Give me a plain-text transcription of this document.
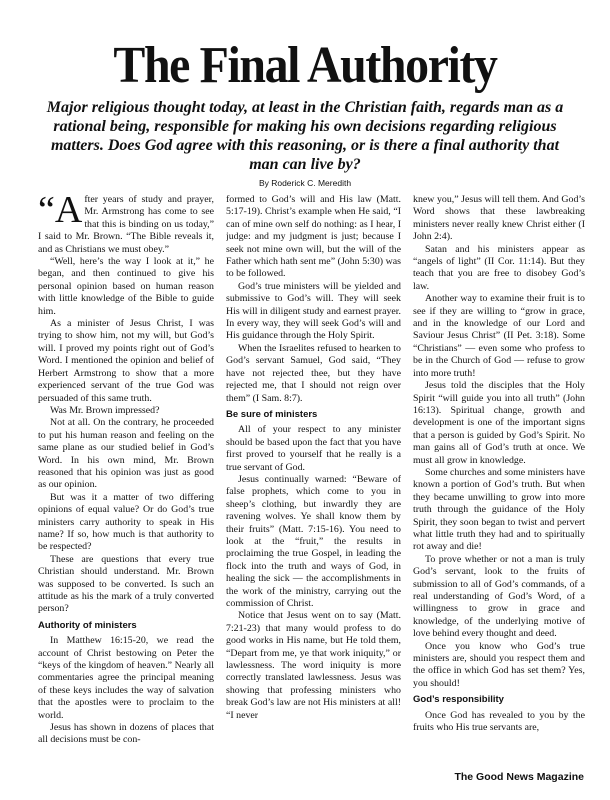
The Final Authority
Major religious thought today, at least in the Christian faith, regards man as a rational being, responsible for making his own decisions regarding religious matters. Does God agree with this reasoning, or is there a final authority that man can live by?
By Roderick C. Meredith

“After years of study and prayer, Mr. Armstrong has come to see that this is binding on us today,” I said to Mr. Brown. “The Bible reveals it, and as Christians we must obey.”

“Well, here’s the way I look at it,” he began, and then continued to give his personal opinion based on human reason with little knowledge of the Bible to guide him.

As a minister of Jesus Christ, I was trying to show him, not my will, but God’s will. I proved my points right out of God’s Word. I mentioned the opinion and belief of Herbert Armstrong to show that a more experienced servant of the true God was persuaded of this same truth.

Was Mr. Brown impressed?

Not at all. On the contrary, he proceeded to put his human reason and feeling on the same plane as our studied belief in God’s Word. In his own mind, Mr. Brown reasoned that his opinion was just as good as our opinion.

But was it a matter of two differing opinions of equal value? Or do God’s true ministers carry authority to speak in His name? If so, how much is that authority to be respected?

These are questions that every true Christian should understand. Mr. Brown was supposed to be converted. Is such an attitude as his the mark of a truly converted person?

Authority of ministers

In Matthew 16:15-20, we read the account of Christ bestowing on Peter the “keys of the kingdom of heaven.” Nearly all commentaries agree the principal meaning of these keys includes the way of salvation that the apostles were to proclaim to the world.

Jesus has shown in dozens of places that all decisions must be con-

formed to God’s will and His law (Matt. 5:17-19). Christ’s example when He said, “I can of mine own self do nothing: as I hear, I judge: and my judgment is just; because I seek not mine own will, but the will of the Father which hath sent me” (John 5:30) was to be followed.

God’s true ministers will be yielded and submissive to God’s will. They will seek His will in diligent study and earnest prayer. In every way, they will seek God’s will and His guidance through the Holy Spirit.

When the Israelites refused to hearken to God’s servant Samuel, God said, “They have not rejected thee, but they have rejected me, that I should not reign over them” (I Sam. 8:7).

Be sure of ministers

All of your respect to any minister should be based upon the fact that you have first proved to yourself that he really is a true servant of God.

Jesus continually warned: “Beware of false prophets, which come to you in sheep’s clothing, but inwardly they are ravening wolves. Ye shall know them by their fruits” (Matt. 7:15-16). You need to look at the “fruit,” the results in proclaiming the true Gospel, in leading the flock into the truth and ways of God, in healing the sick — the accomplishments in the work of the ministry, carrying out the commission of Christ.

Notice that Jesus went on to say (Matt. 7:21-23) that many would profess to do good works in His name, but He told them, “Depart from me, ye that work iniquity,” or lawlessness. The word iniquity is more correctly translated lawlessness. Jesus was showing that professing ministers who break God’s law are not His ministers at all! “I never

knew you,” Jesus will tell them. And God’s Word shows that these lawbreaking ministers never really knew Christ either (I John 2:4).

Satan and his ministers appear as “angels of light” (II Cor. 11:14). But they teach that you are free to disobey God’s law.

Another way to examine their fruit is to see if they are willing to “grow in grace, and in the knowledge of our Lord and Saviour Jesus Christ” (II Pet. 3:18). Some “Christians” — even some who profess to be in the Church of God — refuse to grow into more truth!

Jesus told the disciples that the Holy Spirit “will guide you into all truth” (John 16:13). Spiritual change, growth and development is one of the important signs that a person is guided by God’s Spirit. No man gains all of God’s truth at once. We must all grow in knowledge.

Some churches and some ministers have known a portion of God’s truth. But when they became unwilling to grow into more truth through the guidance of the Holy Spirit, they soon began to twist and pervert what little truth they had and to spiritually rot away and die!

To prove whether or not a man is truly God’s servant, look to the fruits of submission to all of God’s commands, of a real understanding of God’s Word, of a willingness to grow in grace and knowledge, of the underlying motive of love behind every thought and deed.

Once you know who God’s true ministers are, should you respect them and the office in which God has set them? Yes, you should!

God’s responsibility

Once God has revealed to you by the fruits who His true servants are,

The Good News Magazine
